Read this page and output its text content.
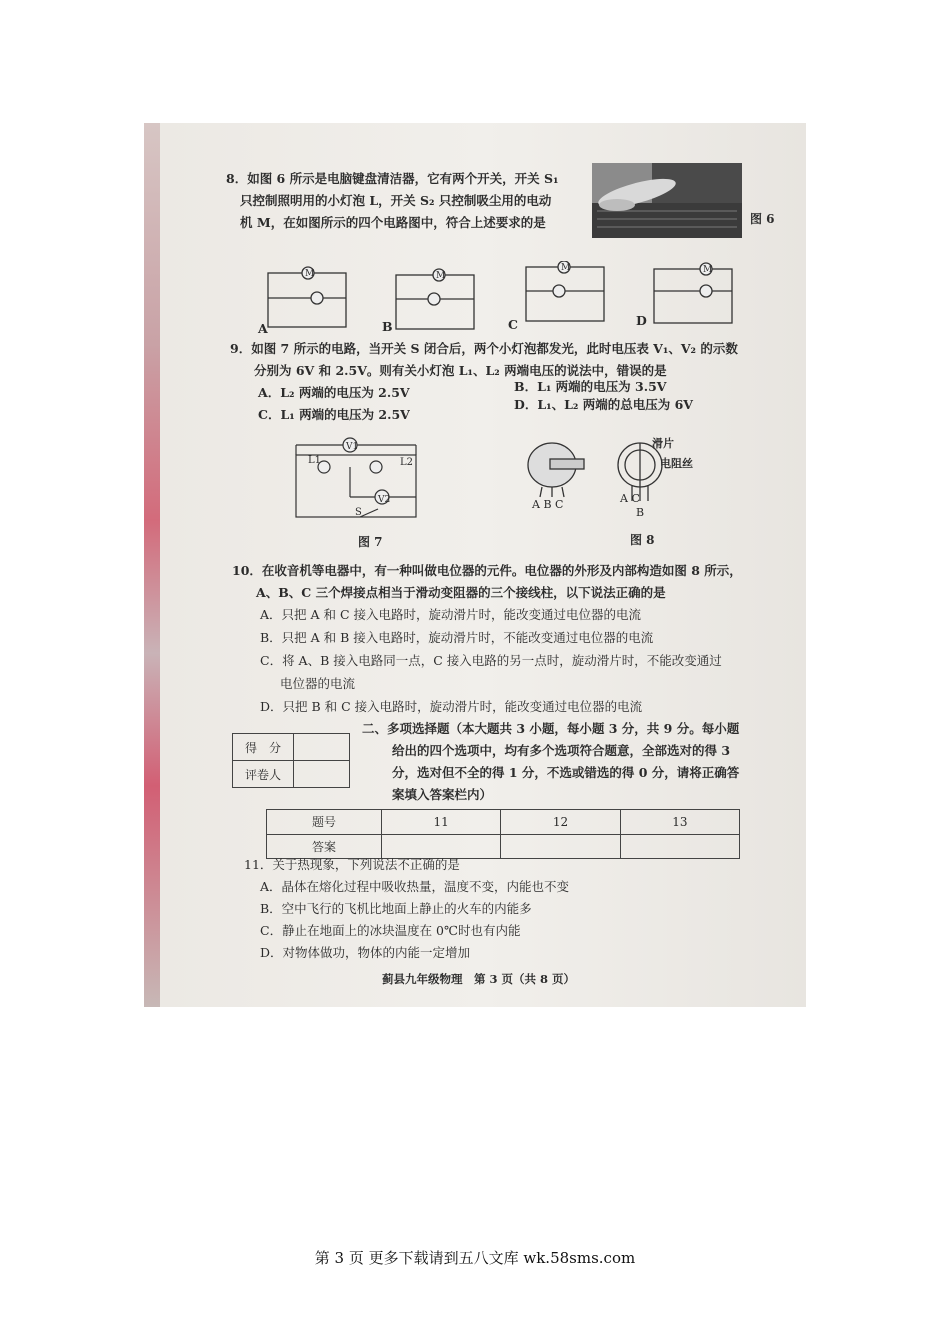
8．如图 6 所示是电脑键盘清洁器，它有两个开关，开关 S₁
只控制照明用的小灯泡 L，开关 S₂ 只控制吸尘用的电动
机 M，在如图所示的四个电路图中，符合上述要求的是	图 6
M	M
M	M
A	B	C	D
9．如图 7 所示的电路，当开关 S 闭合后，两个小灯泡都发光，此时电压表 V₁、V₂ 的示数
分别为 6V 和 2.5V。则有关小灯泡 L₁、L₂ 两端电压的说法中，错误的是
A．L₂ 两端的电压为 2.5V	B．L₁ 两端的电压为 3.5V
C．L₁ 两端的电压为 2.5V
D．L₁、L₂ 两端的总电压为 6V
V1
L1	L2
V2
S
图 7
滑片
电阻丝
A B C	A C
B
图 8
10．在收音机等电器中，有一种叫做电位器的元件。电位器的外形及内部构造如图 8 所示，
A、B、C 三个焊接点相当于滑动变阻器的三个接线柱，以下说法正确的是
A．只把 A 和 C 接入电路时，旋动滑片时，能改变通过电位器的电流
B．只把 A 和 B 接入电路时，旋动滑片时，不能改变通过电位器的电流
C．将 A、B 接入电路同一点，C 接入电路的另一点时，旋动滑片时，不能改变通过
电位器的电流
D．只把 B 和 C 接入电路时，旋动滑片时，能改变通过电位器的电流
得　分	
评卷人	
二、多项选择题（本大题共 3 小题，每小题 3 分，共 9 分。每小题
给出的四个选项中，均有多个选项符合题意，全部选对的得 3
分，选对但不全的得 1 分，不选或错选的得 0 分，请将正确答
案填入答案栏内）
题号	11	12	13
答案			
11．关于热现象，下列说法不正确的是
A．晶体在熔化过程中吸收热量，温度不变，内能也不变
B．空中飞行的飞机比地面上静止的火车的内能多
C．静止在地面上的冰块温度在 0℃时也有内能
D．对物体做功，物体的内能一定增加
蓟县九年级物理　第 3 页（共 8 页）
第 3 页 更多下载请到五八文库 wk.58sms.com
